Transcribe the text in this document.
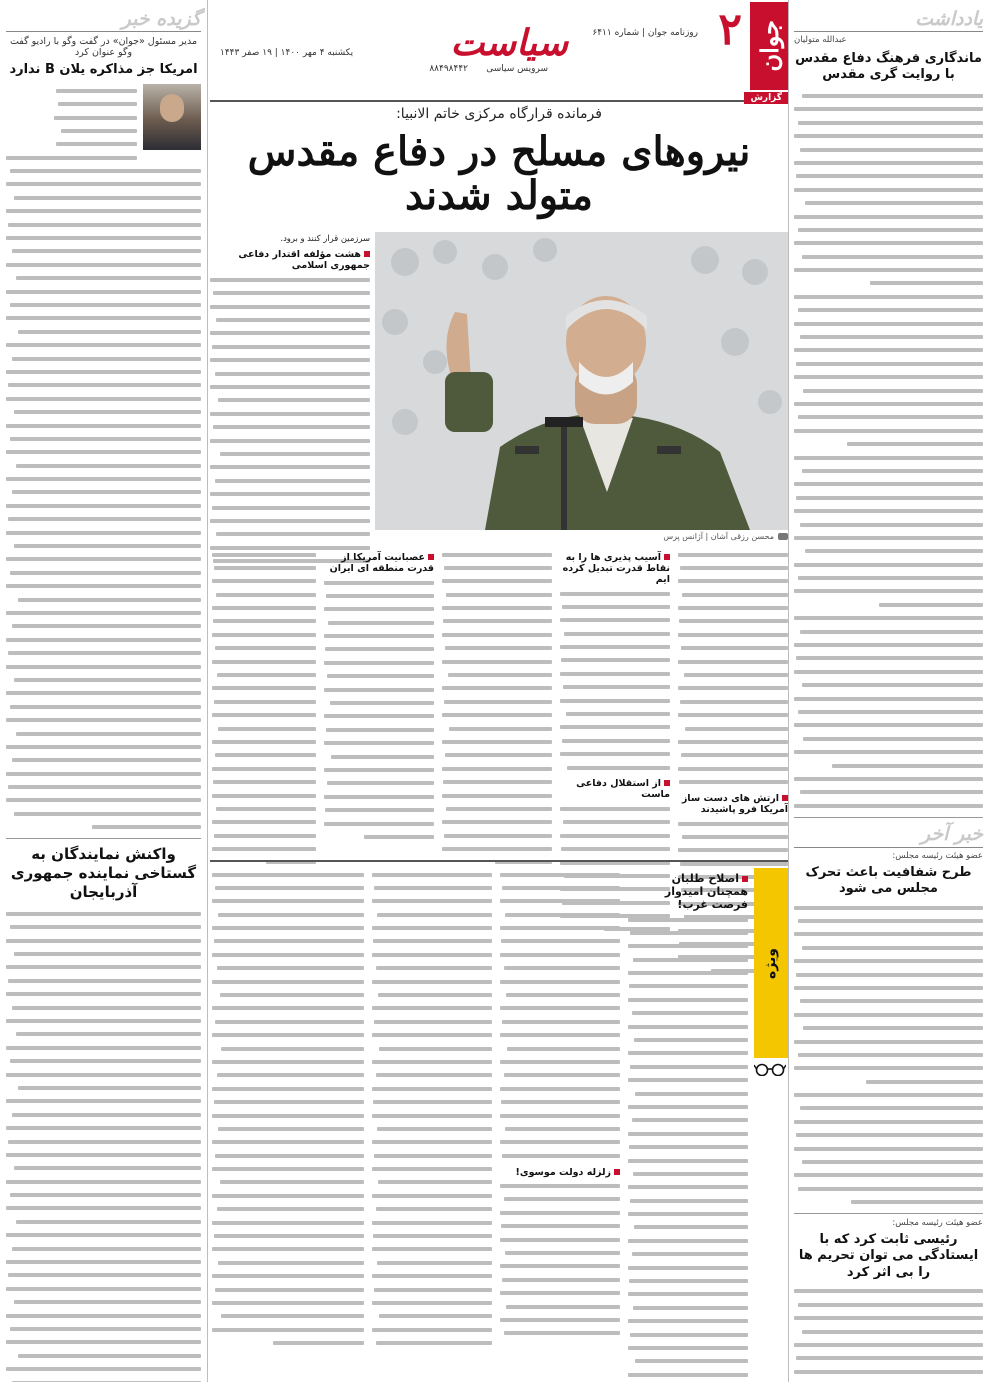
یادداشت
عبدالله متولیان
ماندگاری فرهنگ دفاع مقدس با روایت گری مقدس
خبر آخر
عضو هیئت رئیسه مجلس:
طرح شفافیت باعث تحرک مجلس می شود
عضو هیئت رئیسه مجلس:
رئیسی ثابت کرد که با ایستادگی می توان تحریم ها را بی اثر کرد
جوان
۲
روزنامه جوان | شماره ۶۴۱۱
سیاست
سرویس سیاسی
۸۸۴۹۸۴۴۲
یکشنبه ۴ مهر ۱۴۰۰ | ۱۹ صفر ۱۴۴۳
گزارش
فرمانده قرارگاه مرکزی خاتم الانبیا:
نیروهای مسلح در دفاع مقدس متولد شدند
محسن رزقی آشان | آژانس پرس
سرزمین قرار کنند و برود.
هشت مؤلفه اقتدار دفاعی جمهوری اسلامی
ارتش های دست ساز آمریکا فرو پاشیدند
آسیب پذیری ها را به نقاط قدرت تبدیل کرده ایم
از استقلال دفاعی ماست
عصبانیت آمریکا از قدرت منطقه ای ایران
ویژه
اصلاح طلبان همچنان امیدوار فرصت غرب!
زلزله دولت موسوی!
گزیده خبر
مدیر مسئول «جوان» در گفت وگو با رادیو گفت وگو عنوان کرد
امریکا جز مذاکره یلان B ندارد
واکنش نمایندگان به گستاخی نماینده جمهوری آذربایجان
